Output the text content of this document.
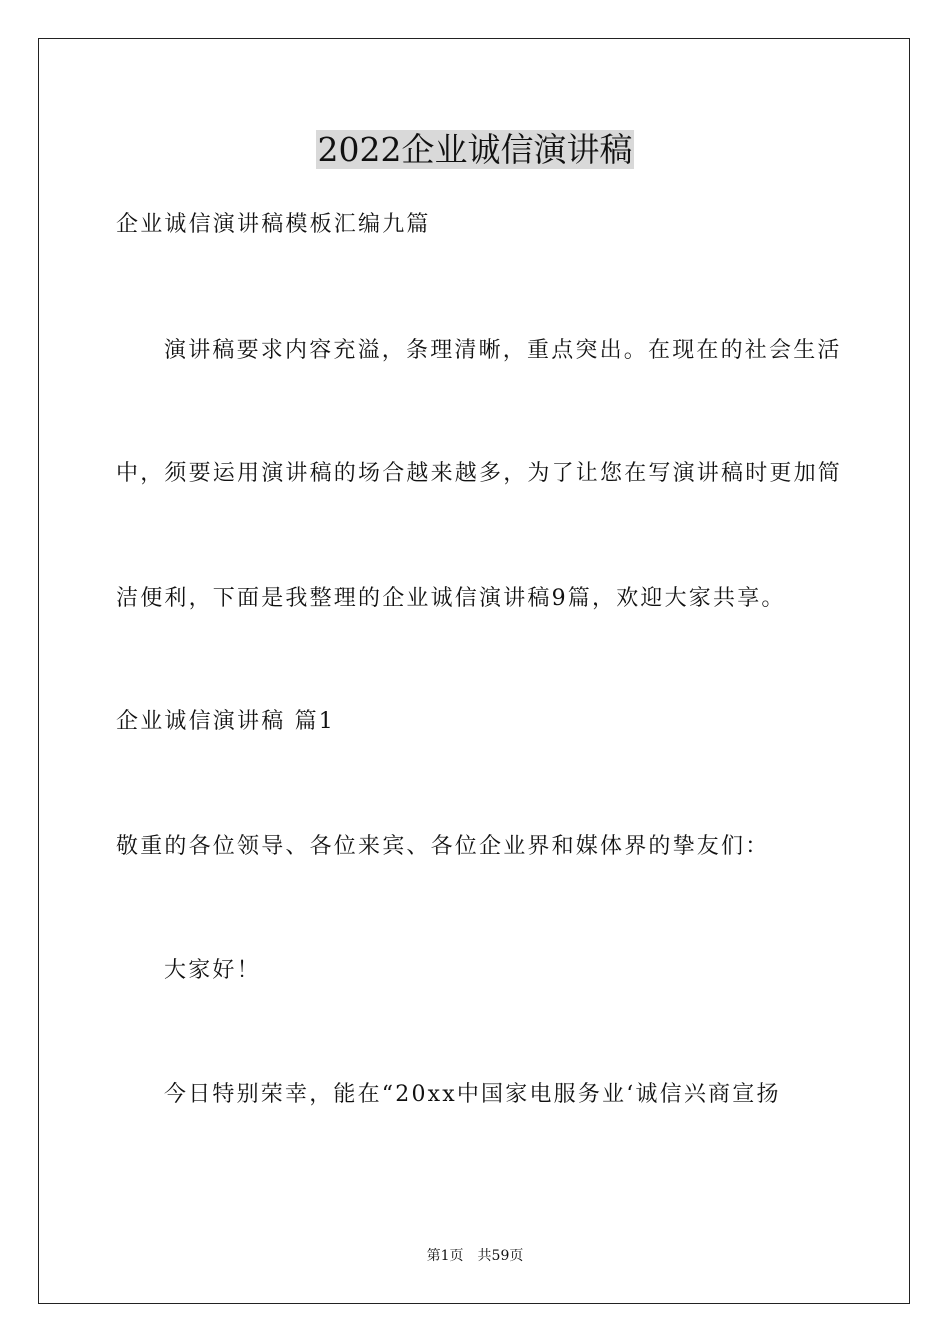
2022企业诚信演讲稿
企业诚信演讲稿模板汇编九篇
演讲稿要求内容充溢，条理清晰，重点突出。在现在的社会生活
中，须要运用演讲稿的场合越来越多，为了让您在写演讲稿时更加简
洁便利，下面是我整理的企业诚信演讲稿9篇，欢迎大家共享。
企业诚信演讲稿 篇1
敬重的各位领导、各位来宾、各位企业界和媒体界的挚友们：
大家好！
今日特别荣幸，能在“20xx中国家电服务业‘诚信兴商宣扬
第1页 共59页
